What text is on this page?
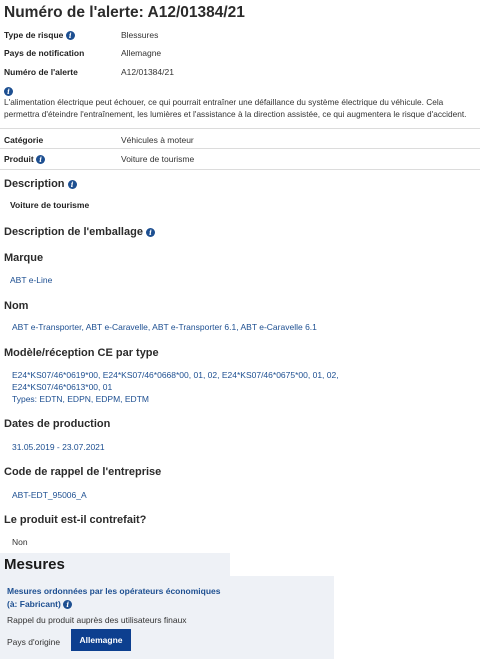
Numéro de l'alerte: A12/01384/21
Type de risque i	Blessures
Pays de notification	Allemagne
Numéro de l'alerte	A12/01384/21
i
L'alimentation électrique peut échouer, ce qui pourrait entraîner une défaillance du système électrique du véhicule. Cela permettra d'éteindre l'entraînement, les lumières et l'assistance à la direction assistée, ce qui augmentera le risque d'accident.
Catégorie	Véhicules à moteur
Produit i	Voiture de tourisme
Description i
Voiture de tourisme
Description de l'emballage i
Marque
ABT e-Line
Nom
ABT e-Transporter, ABT e-Caravelle, ABT e-Transporter 6.1, ABT e-Caravelle 6.1
Modèle/réception CE par type
E24*KS07/46*0619*00, E24*KS07/46*0668*00, 01, 02, E24*KS07/46*0675*00, 01, 02,
E24*KS07/46*0613*00, 01
Types: EDTN, EDPN, EDPM, EDTM
Dates de production
31.05.2019 - 23.07.2021
Code de rappel de l'entreprise
ABT-EDT_95006_A
Le produit est-il contrefait?
Non
Mesures
Mesures ordonnées par les opérateurs économiques
(à: Fabricant) i
Rappel du produit auprès des utilisateurs finaux
Pays d'origine	Allemagne
